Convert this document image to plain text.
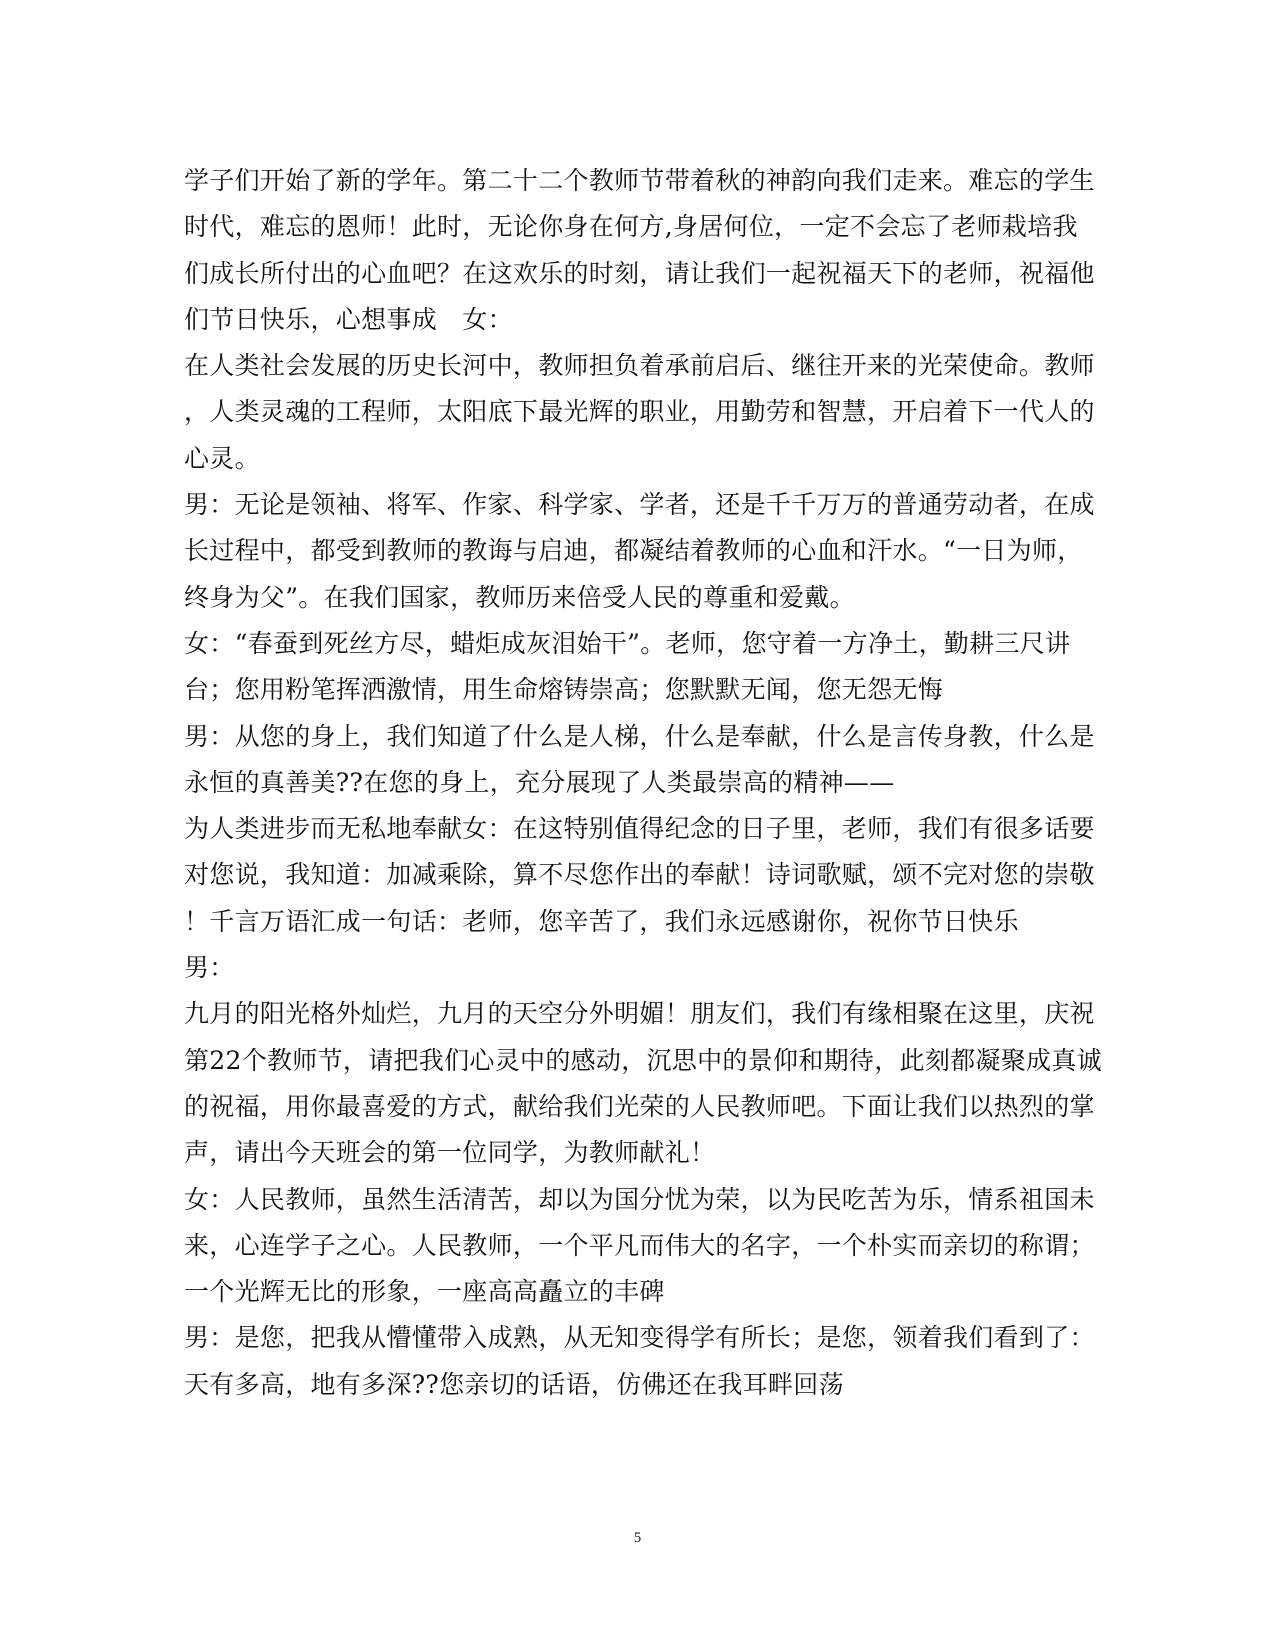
学子们开始了新的学年。第二十二个教师节带着秋的神韵向我们走来。难忘的学生

时代，难忘的恩师！此时，无论你身在何方,身居何位，一定不会忘了老师栽培我

们成长所付出的心血吧？在这欢乐的时刻，请让我们一起祝福天下的老师，祝福他

们节日快乐，心想事成　女：

在人类社会发展的历史长河中，教师担负着承前启后、继往开来的光荣使命。教师

，人类灵魂的工程师，太阳底下最光辉的职业，用勤劳和智慧，开启着下一代人的

心灵。

男：无论是领袖、将军、作家、科学家、学者，还是千千万万的普通劳动者，在成

长过程中，都受到教师的教诲与启迪，都凝结着教师的心血和汗水。“一日为师，

终身为父”。在我们国家，教师历来倍受人民的尊重和爱戴。

女：“春蚕到死丝方尽，蜡炬成灰泪始干”。老师，您守着一方净土，勤耕三尺讲

台；您用粉笔挥洒激情，用生命熔铸崇高；您默默无闻，您无怨无悔

男：从您的身上，我们知道了什么是人梯，什么是奉献，什么是言传身教，什么是

永恒的真善美??在您的身上，充分展现了人类最崇高的精神——

为人类进步而无私地奉献女：在这特别值得纪念的日子里，老师，我们有很多话要

对您说，我知道：加减乘除，算不尽您作出的奉献！诗词歌赋，颂不完对您的崇敬

！千言万语汇成一句话：老师，您辛苦了，我们永远感谢你，祝你节日快乐

男：

九月的阳光格外灿烂，九月的天空分外明媚！朋友们，我们有缘相聚在这里，庆祝

第22个教师节，请把我们心灵中的感动，沉思中的景仰和期待，此刻都凝聚成真诚

的祝福，用你最喜爱的方式，献给我们光荣的人民教师吧。下面让我们以热烈的掌

声，请出今天班会的第一位同学，为教师献礼！

女：人民教师，虽然生活清苦，却以为国分忧为荣，以为民吃苦为乐，情系祖国未

来，心连学子之心。人民教师，一个平凡而伟大的名字，一个朴实而亲切的称谓；

一个光辉无比的形象，一座高高矗立的丰碑

男：是您，把我从懵懂带入成熟，从无知变得学有所长；是您，领着我们看到了：

天有多高，地有多深??您亲切的话语，仿佛还在我耳畔回荡

5
